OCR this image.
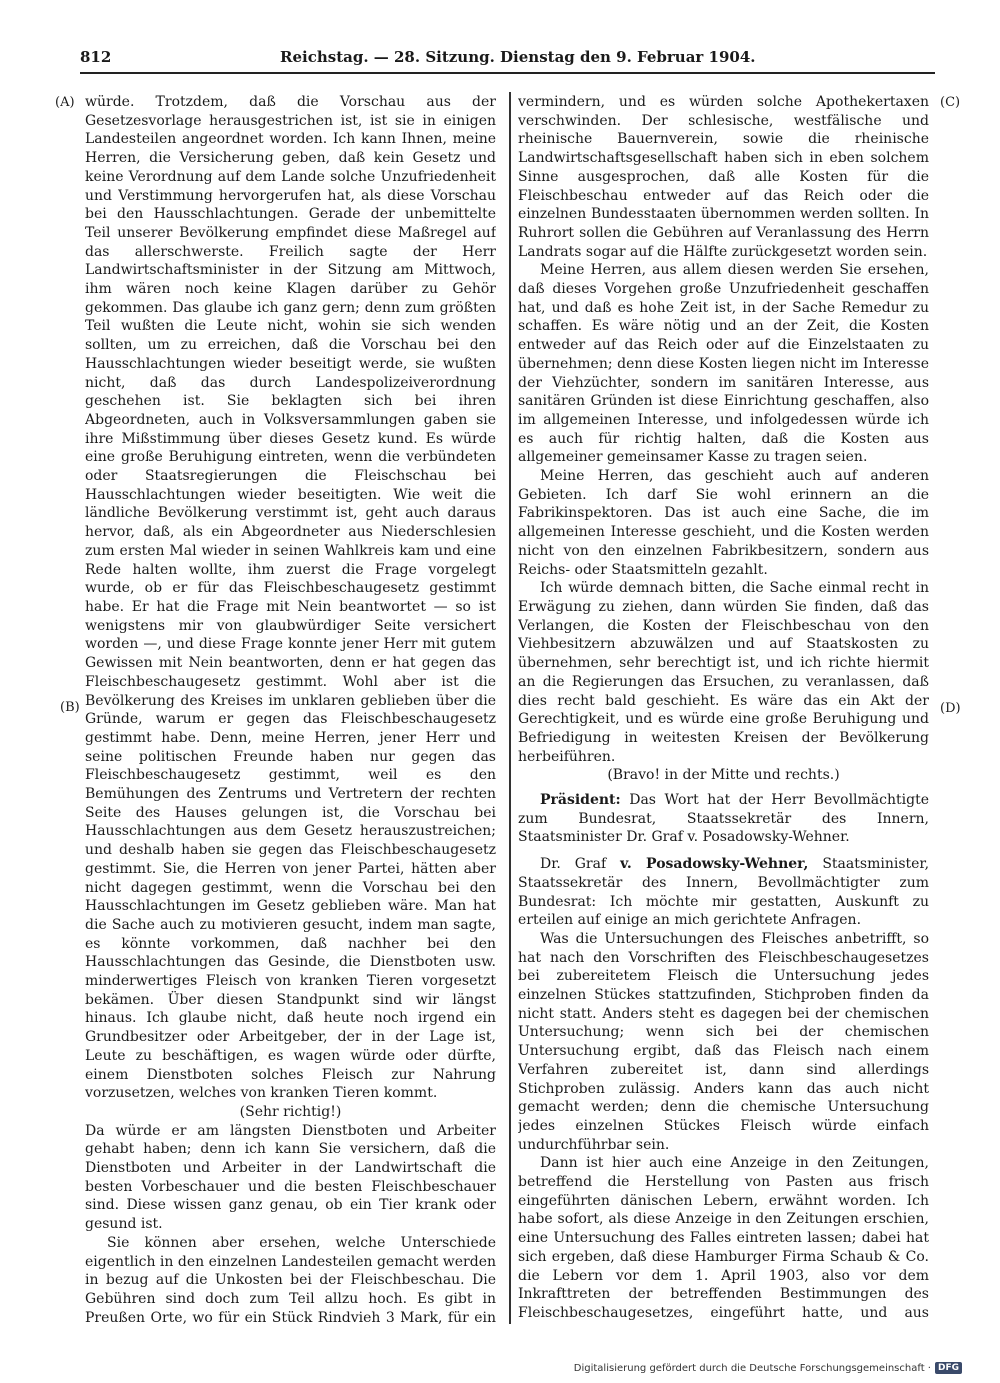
812	Reichstag. — 28. Sitzung. Dienstag den 9. Februar 1904.
(A)
(B)
(C)
(D)

würde. Trotzdem, daß die Vorschau aus der Gesetzesvorlage herausgestrichen ist, ist sie in einigen Landesteilen angeordnet worden. Ich kann Ihnen, meine Herren, die Versicherung geben, daß kein Gesetz und keine Verordnung auf dem Lande solche Unzufriedenheit und Verstimmung hervorgerufen hat, als diese Vorschau bei den Hausschlachtungen. Gerade der unbemittelte Teil unserer Bevölkerung empfindet diese Maßregel auf das allerschwerste. Freilich sagte der Herr Landwirtschaftsminister in der Sitzung am Mittwoch, ihm wären noch keine Klagen darüber zu Gehör gekommen. Das glaube ich ganz gern; denn zum größten Teil wußten die Leute nicht, wohin sie sich wenden sollten, um zu erreichen, daß die Vorschau bei den Hausschlachtungen wieder beseitigt werde, sie wußten nicht, daß das durch Landespolizeiverordnung geschehen ist. Sie beklagten sich bei ihren Abgeordneten, auch in Volksversammlungen gaben sie ihre Mißstimmung über dieses Gesetz kund. Es würde eine große Beruhigung eintreten, wenn die verbündeten oder Staatsregierungen die Fleischschau bei Hausschlachtungen wieder beseitigten. Wie weit die ländliche Bevölkerung verstimmt ist, geht auch daraus hervor, daß, als ein Abgeordneter aus Niederschlesien zum ersten Mal wieder in seinen Wahlkreis kam und eine Rede halten wollte, ihm zuerst die Frage vorgelegt wurde, ob er für das Fleischbeschaugesetz gestimmt habe. Er hat die Frage mit Nein beantwortet — so ist wenigstens mir von glaubwürdiger Seite versichert worden —, und diese Frage konnte jener Herr mit gutem Gewissen mit Nein beantworten, denn er hat gegen das Fleischbeschaugesetz gestimmt. Wohl aber ist die Bevölkerung des Kreises im unklaren geblieben über die Gründe, warum er gegen das Fleischbeschaugesetz gestimmt habe. Denn, meine Herren, jener Herr und seine politischen Freunde haben nur gegen das Fleischbeschaugesetz gestimmt, weil es den Bemühungen des Zentrums und Vertretern der rechten Seite des Hauses gelungen ist, die Vorschau bei Hausschlachtungen aus dem Gesetz herauszustreichen; und deshalb haben sie gegen das Fleischbeschaugesetz gestimmt. Sie, die Herren von jener Partei, hätten aber nicht dagegen gestimmt, wenn die Vorschau bei den Hausschlachtungen im Gesetz geblieben wäre. Man hat die Sache auch zu motivieren gesucht, indem man sagte, es könnte vorkommen, daß nachher bei den Hausschlachtungen das Gesinde, die Dienstboten usw. minderwertiges Fleisch von kranken Tieren vorgesetzt bekämen. Über diesen Standpunkt sind wir längst hinaus. Ich glaube nicht, daß heute noch irgend ein Grundbesitzer oder Arbeitgeber, der in der Lage ist, Leute zu beschäftigen, es wagen würde oder dürfte, einem Dienstboten solches Fleisch zur Nahrung vorzusetzen, welches von kranken Tieren kommt.

(Sehr richtig!)

Da würde er am längsten Dienstboten und Arbeiter gehabt haben; denn ich kann Sie versichern, daß die Dienstboten und Arbeiter in der Landwirtschaft die besten Vorbeschauer und die besten Fleischbeschauer sind. Diese wissen ganz genau, ob ein Tier krank oder gesund ist.

Sie können aber ersehen, welche Unterschiede eigentlich in den einzelnen Landesteilen gemacht werden in bezug auf die Unkosten bei der Fleischbeschau. Die Gebühren sind doch zum Teil allzu hoch. Es gibt in Preußen Orte, wo für ein Stück Rindvieh 3 Mark, für ein

vermindern, und es würden solche Apothekertaxen verschwinden. Der schlesische, westfälische und rheinische Bauernverein, sowie die rheinische Landwirtschaftsgesellschaft haben sich in eben solchem Sinne ausgesprochen, daß alle Kosten für die Fleischbeschau entweder auf das Reich oder die einzelnen Bundesstaaten übernommen werden sollten. In Ruhrort sollen die Gebühren auf Veranlassung des Herrn Landrats sogar auf die Hälfte zurückgesetzt worden sein.

Meine Herren, aus allem diesen werden Sie ersehen, daß dieses Vorgehen große Unzufriedenheit geschaffen hat, und daß es hohe Zeit ist, in der Sache Remedur zu schaffen. Es wäre nötig und an der Zeit, die Kosten entweder auf das Reich oder auf die Einzelstaaten zu übernehmen; denn diese Kosten liegen nicht im Interesse der Viehzüchter, sondern im sanitären Interesse, aus sanitären Gründen ist diese Einrichtung geschaffen, also im allgemeinen Interesse, und infolgedessen würde ich es auch für richtig halten, daß die Kosten aus allgemeiner gemeinsamer Kasse zu tragen seien.

Meine Herren, das geschieht auch auf anderen Gebieten. Ich darf Sie wohl erinnern an die Fabrikinspektoren. Das ist auch eine Sache, die im allgemeinen Interesse geschieht, und die Kosten werden nicht von den einzelnen Fabrikbesitzern, sondern aus Reichs- oder Staatsmitteln gezahlt.

Ich würde demnach bitten, die Sache einmal recht in Erwägung zu ziehen, dann würden Sie finden, daß das Verlangen, die Kosten der Fleischbeschau von den Viehbesitzern abzuwälzen und auf Staatskosten zu übernehmen, sehr berechtigt ist, und ich richte hiermit an die Regierungen das Ersuchen, zu veranlassen, daß dies recht bald geschieht. Es wäre das ein Akt der Gerechtigkeit, und es würde eine große Beruhigung und Befriedigung in weitesten Kreisen der Bevölkerung herbeiführen.

(Bravo! in der Mitte und rechts.)

Präsident: Das Wort hat der Herr Bevollmächtigte zum Bundesrat, Staatssekretär des Innern, Staatsminister Dr. Graf v. Posadowsky-Wehner.

Dr. Graf v. Posadowsky-Wehner, Staatsminister, Staatssekretär des Innern, Bevollmächtigter zum Bundesrat: Ich möchte mir gestatten, Auskunft zu erteilen auf einige an mich gerichtete Anfragen.

Was die Untersuchungen des Fleisches anbetrifft, so hat nach den Vorschriften des Fleischbeschaugesetzes bei zubereitetem Fleisch die Untersuchung jedes einzelnen Stückes stattzufinden, Stichproben finden da nicht statt. Anders steht es dagegen bei der chemischen Untersuchung; wenn sich bei der chemischen Untersuchung ergibt, daß das Fleisch nach einem Verfahren zubereitet ist, dann sind allerdings Stichproben zulässig. Anders kann das auch nicht gemacht werden; denn die chemische Untersuchung jedes einzelnen Stückes Fleisch würde einfach undurchführbar sein.

Dann ist hier auch eine Anzeige in den Zeitungen, betreffend die Herstellung von Pasten aus frisch eingeführten dänischen Lebern, erwähnt worden. Ich habe sofort, als diese Anzeige in den Zeitungen erschien, eine Untersuchung des Falles eintreten lassen; dabei hat sich ergeben, daß diese Hamburger Firma Schaub & Co. die Lebern vor dem 1. April 1903, also vor dem Inkrafttreten der betreffenden Bestimmungen des Fleischbeschaugesetzes, eingeführt hatte, und aus

Digitalisierung gefördert durch die Deutsche Forschungsgemeinschaft · DFG
